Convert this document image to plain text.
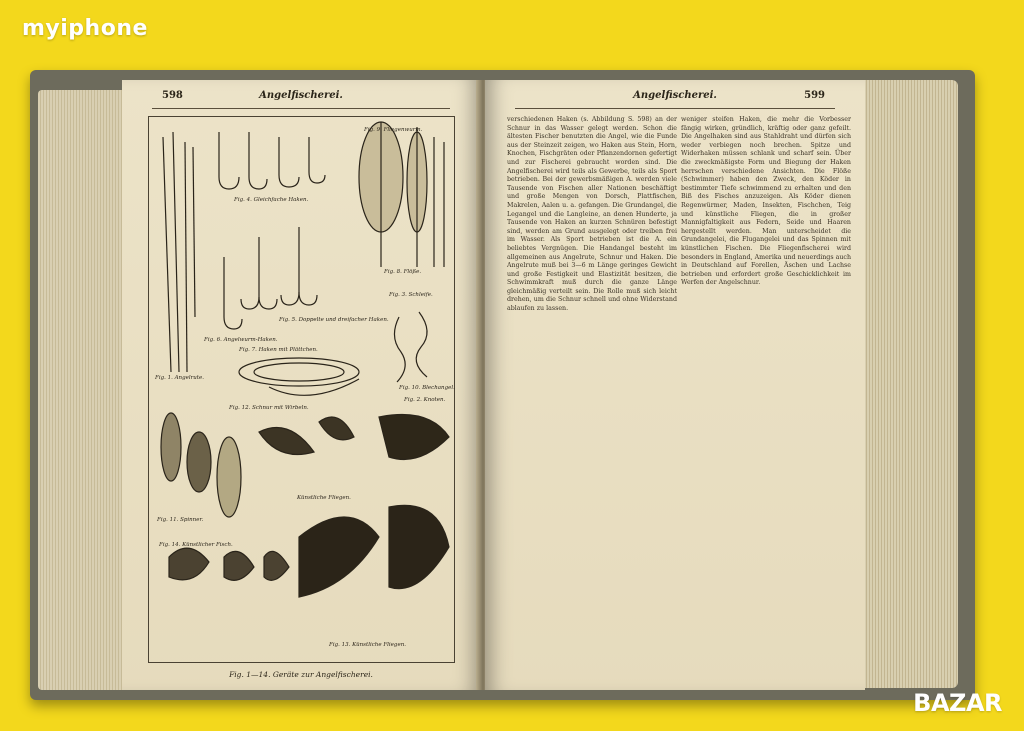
myiphone
598	Angelfischerei.
Fig. 1. Angelrute.
Fig. 2. Knoten.
Fig. 3. Schleife.
Fig. 4. Gleichfache Haken.
Fig. 5. Doppelte und dreifacher Haken.
Fig. 6. Angelwurm-Haken.
Fig. 7. Haken mit Plättchen.
Fig. 8. Flöße.
Fig. 9. Fliegenwurm.
Fig. 10. Blechangel.
Fig. 11. Spinner.
Fig. 12. Schnur mit Wirbeln.
Fig. 13. Künstliche Fliegen.
Fig. 14. Künstlicher Fisch.
Künstliche Fliegen.
Fig. 1—14. Geräte zur Angelfischerei.
Angelfischerei.	599
verschiedenen Haken (s. Abbildung S. 598) an der Schnur in das Wasser gelegt werden. Schon die ältesten Fischer benutzten die Angel, wie die Funde aus der Steinzeit zeigen, wo Haken aus Stein, Horn, Knochen, Fischgräten oder Pflanzendornen gefertigt und zur Fischerei gebraucht worden sind. Die Angelfischerei wird teils als Gewerbe, teils als Sport betrieben. Bei der gewerbsmäßigen A. werden viele Tausende von Fischen aller Nationen beschäftigt und große Mengen von Dorsch, Plattfischen, Makrelen, Aalen u. a. gefangen. Die Grundangel, die Legangel und die Langleine, an denen Hunderte, ja Tausende von Haken an kurzen Schnüren befestigt sind, werden am Grund ausgelegt oder treiben frei im Wasser. Als Sport betrieben ist die A. ein beliebtes Vergnügen. Die Handangel besteht im allgemeinen aus Angelrute, Schnur und Haken. Die Angelrute muß bei 3—6 m Länge geringes Gewicht und große Festigkeit und Elastizität besitzen, die Schwimmkraft muß durch die ganze Länge gleichmäßig verteilt sein. Die Rolle muß sich leicht drehen, um die Schnur schnell und ohne Widerstand ablaufen zu lassen.
weniger steifen Haken, die mehr die Vorbesser fängig wirken, gründlich, kräftig oder ganz gefeilt. Die Angelhaken sind aus Stahldraht und dürfen sich weder verbiegen noch brechen. Spitze und Widerhaken müssen schlank und scharf sein. Über die zweckmäßigste Form und Biegung der Haken herrschen verschiedene Ansichten. Die Flöße (Schwimmer) haben den Zweck, den Köder in bestimmter Tiefe schwimmend zu erhalten und den Biß des Fisches anzuzeigen. Als Köder dienen Regenwürmer, Maden, Insekten, Fischchen, Teig und künstliche Fliegen, die in großer Mannigfaltigkeit aus Federn, Seide und Haaren hergestellt werden. Man unterscheidet die Grundangelei, die Flugangelei und das Spinnen mit künstlichen Fischen. Die Fliegenfischerei wird besonders in England, Amerika und neuerdings auch in Deutschland auf Forellen, Äschen und Lachse betrieben und erfordert große Geschicklichkeit im Werfen der Angelschnur.
BAZAR
